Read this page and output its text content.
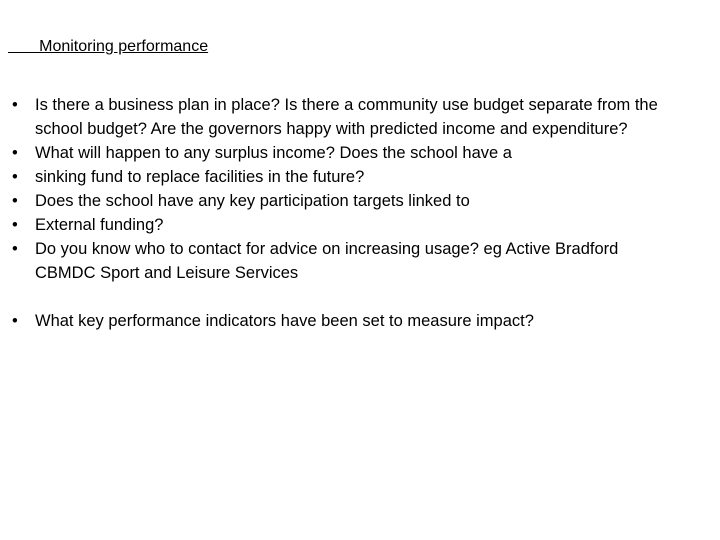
Monitoring performance
•	Is there a business plan in place? Is there a community use budget separate from the school budget? Are the governors happy with predicted income and expenditure?
•	What will happen to any surplus income? Does the school have a
•	sinking fund to replace facilities in the future?
•	Does the school have any key participation targets linked to
•	External funding?
•	Do you know who to contact for advice on increasing usage? eg Active Bradford CBMDC Sport and Leisure Services
•	What key performance indicators have been set to measure impact?
